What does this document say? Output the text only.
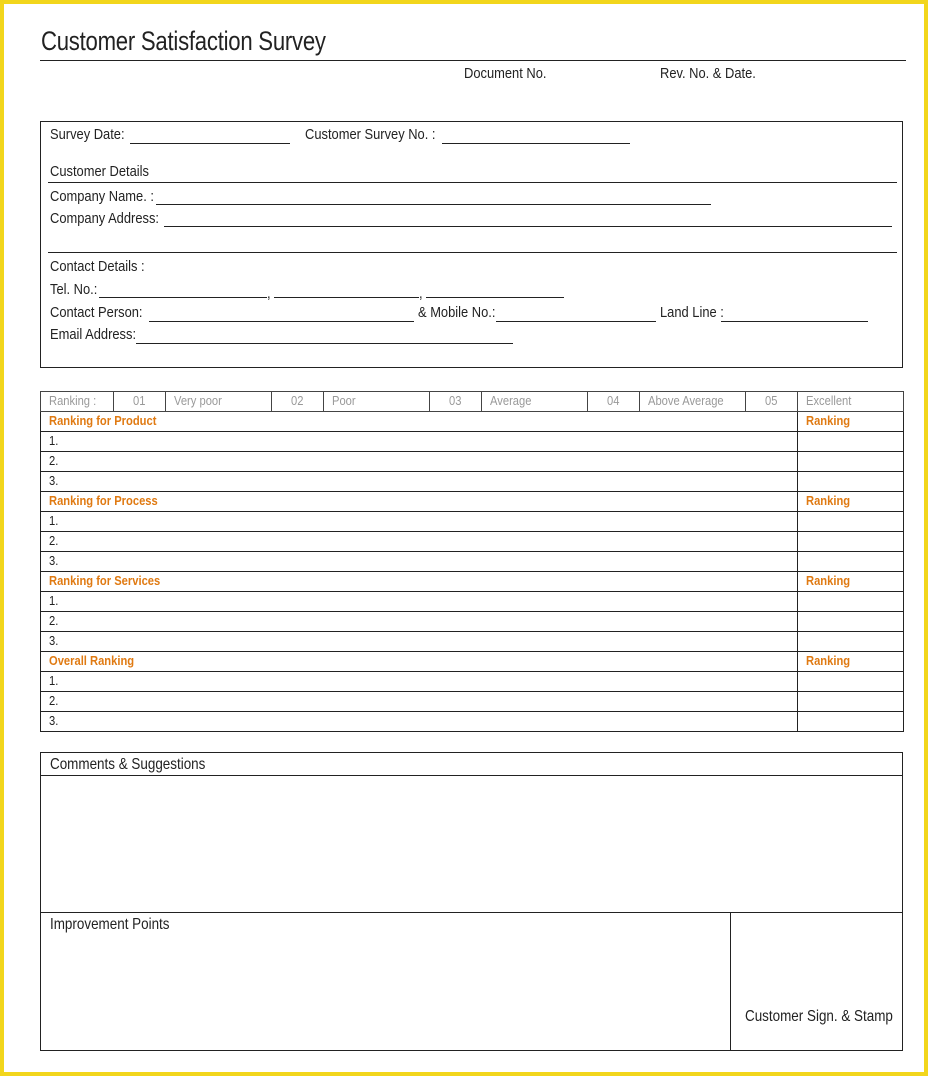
Customer Satisfaction Survey
Document No.	Rev. No. & Date.
Survey Date:	Customer Survey No. :
Customer Details
Company Name. :
Company Address:
Contact Details :
Tel. No.:	,	,
Contact Person:	& Mobile No.:	Land Line :
Email Address:
Ranking :	01	Very poor	02	Poor	03	Average	04	Above Average	05	Excellent
Ranking for Product										Ranking
1.										
2.										
3.										
Ranking for Process										Ranking
1.										
2.										
3.										
Ranking for Services										Ranking
1.										
2.										
3.										
Overall Ranking										Ranking
1.										
2.										
3.										
Comments & Suggestions
Improvement Points
Customer Sign. & Stamp
